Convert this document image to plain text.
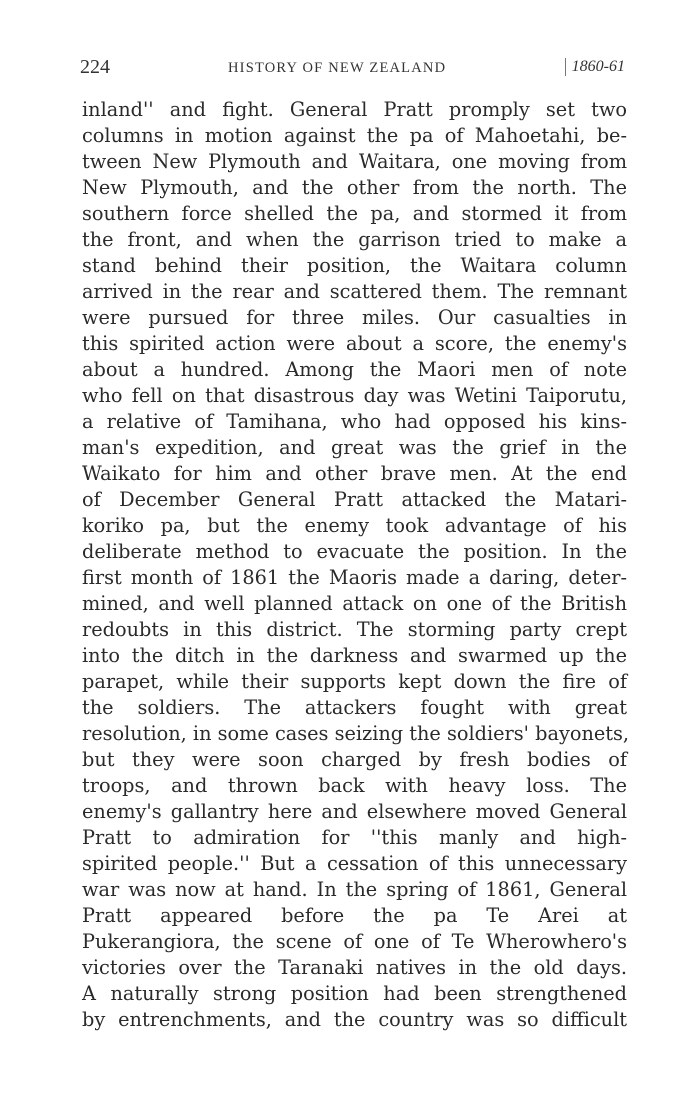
224	HISTORY OF NEW ZEALAND	1860-61
inland'' and fight. General Pratt promply set two
columns in motion against the pa of Mahoetahi, be-
tween New Plymouth and Waitara, one moving from
New Plymouth, and the other from the north. The
southern force shelled the pa, and stormed it from
the front, and when the garrison tried to make a
stand behind their position, the Waitara column
arrived in the rear and scattered them. The remnant
were pursued for three miles. Our casualties in
this spirited action were about a score, the enemy's
about a hundred. Among the Maori men of note
who fell on that disastrous day was Wetini Taiporutu,
a relative of Tamihana, who had opposed his kins-
man's expedition, and great was the grief in the
Waikato for him and other brave men. At the end
of December General Pratt attacked the Matari-
koriko pa, but the enemy took advantage of his
deliberate method to evacuate the position. In the
first month of 1861 the Maoris made a daring, deter-
mined, and well planned attack on one of the British
redoubts in this district. The storming party crept
into the ditch in the darkness and swarmed up the
parapet, while their supports kept down the fire of
the soldiers. The attackers fought with great
resolution, in some cases seizing the soldiers' bayonets,
but they were soon charged by fresh bodies of
troops, and thrown back with heavy loss. The
enemy's gallantry here and elsewhere moved General
Pratt to admiration for ''this manly and high-
spirited people.'' But a cessation of this unnecessary
war was now at hand. In the spring of 1861, General
Pratt appeared before the pa Te Arei at
Pukerangiora, the scene of one of Te Wherowhero's
victories over the Taranaki natives in the old days.
A naturally strong position had been strengthened
by entrenchments, and the country was so difficult
